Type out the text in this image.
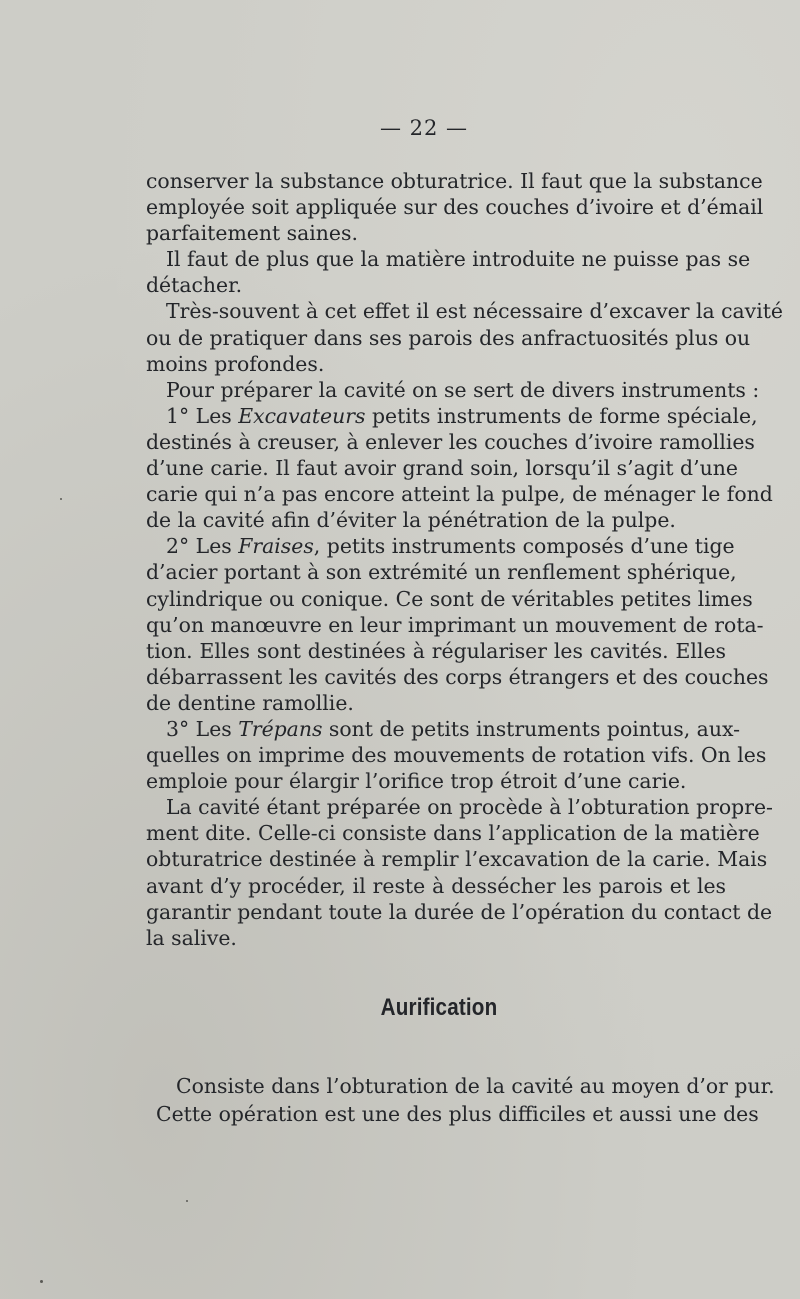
— 22 —
conserver la substance obturatrice. Il faut que la substance
employée soit appliquée sur des couches d’ivoire et d’émail
parfaitement saines.
Il faut de plus que la matière introduite ne puisse pas se
détacher.
Très-souvent à cet effet il est nécessaire d’excaver la cavité
ou de pratiquer dans ses parois des anfractuosités plus ou
moins profondes.
Pour préparer la cavité on se sert de divers instruments :
1° Les Excavateurs petits instruments de forme spéciale,
destinés à creuser, à enlever les couches d’ivoire ramollies
d’une carie. Il faut avoir grand soin, lorsqu’il s’agit d’une
carie qui n’a pas encore atteint la pulpe, de ménager le fond
de la cavité afin d’éviter la pénétration de la pulpe.
2° Les Fraises, petits instruments composés d’une tige
d’acier portant à son extrémité un renflement sphérique,
cylindrique ou conique. Ce sont de véritables petites limes
qu’on manœuvre en leur imprimant un mouvement de rota-
tion. Elles sont destinées à régulariser les cavités. Elles
débarrassent les cavités des corps étrangers et des couches
de dentine ramollie.
3° Les Trépans sont de petits instruments pointus, aux-
quelles on imprime des mouvements de rotation vifs. On les
emploie pour élargir l’orifice trop étroit d’une carie.
La cavité étant préparée on procède à l’obturation propre-
ment dite. Celle-ci consiste dans l’application de la matière
obturatrice destinée à remplir l’excavation de la carie. Mais
avant d’y procéder, il reste à dessécher les parois et les
garantir pendant toute la durée de l’opération du contact de
la salive.
Aurification
Consiste dans l’obturation de la cavité au moyen d’or pur.
Cette opération est une des plus difficiles et aussi une des
